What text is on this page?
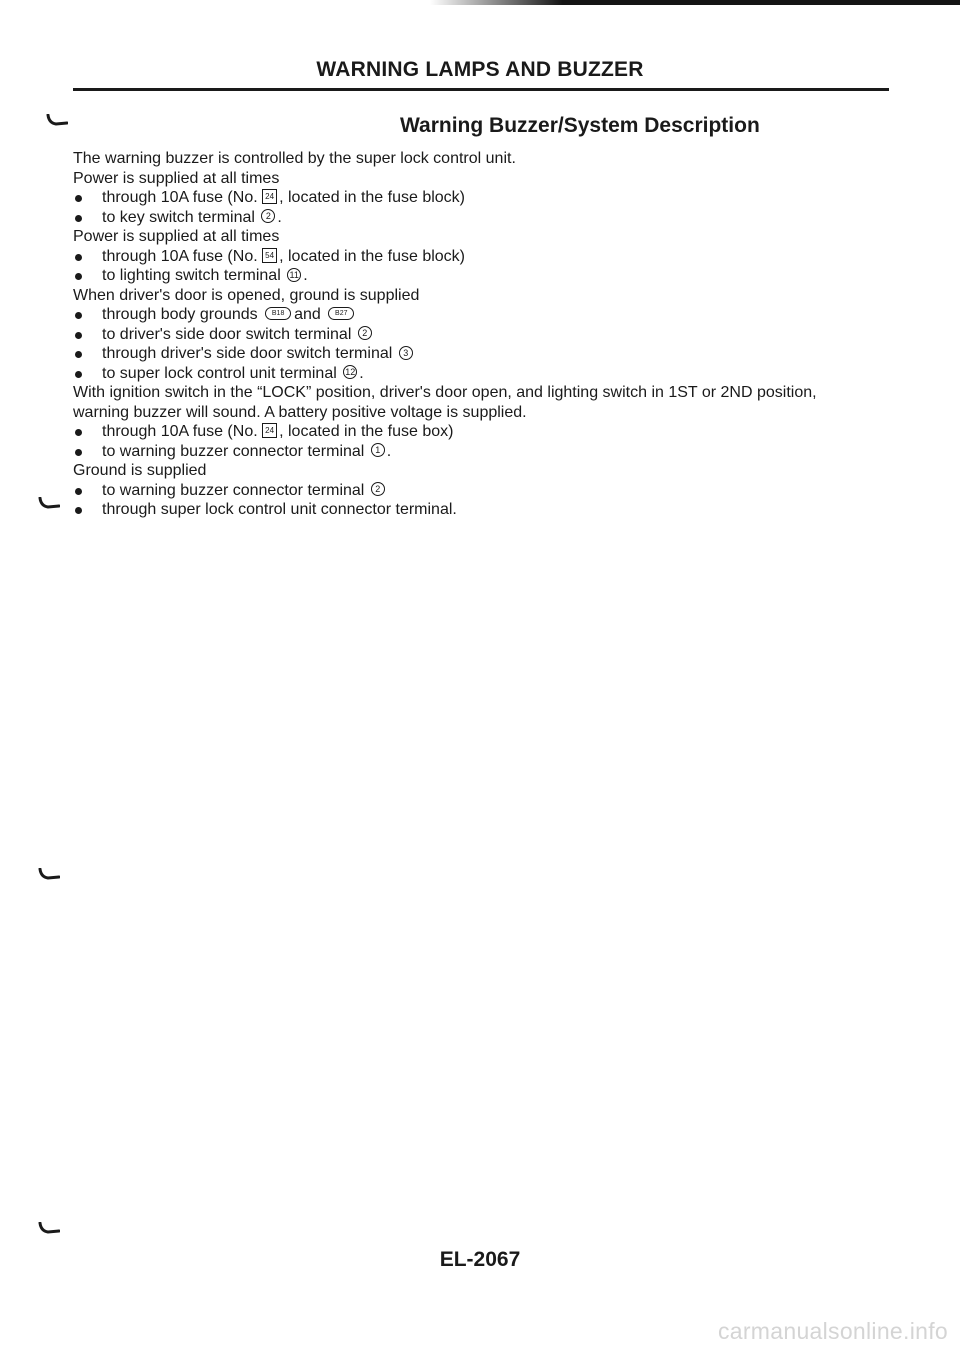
WARNING LAMPS AND BUZZER
Warning Buzzer/System Description
The warning buzzer is controlled by the super lock control unit.
Power is supplied at all times
through 10A fuse (No. 24 , located in the fuse block)
to key switch terminal 2 .
Power is supplied at all times
through 10A fuse (No. 54 , located in the fuse block)
to lighting switch terminal 11 .
When driver's door is opened, ground is supplied
through body grounds B18 and B27
to driver's side door switch terminal 2
through driver's side door switch terminal 3
to super lock control unit terminal 12 .
With ignition switch in the “LOCK” position, driver's door open, and lighting switch in 1ST or 2ND position,
warning buzzer will sound. A battery positive voltage is supplied.
through 10A fuse (No. 24 , located in the fuse box)
to warning buzzer connector terminal 1 .
Ground is supplied
to warning buzzer connector terminal 2
through super lock control unit connector terminal.
EL-2067
carmanualsonline.info
